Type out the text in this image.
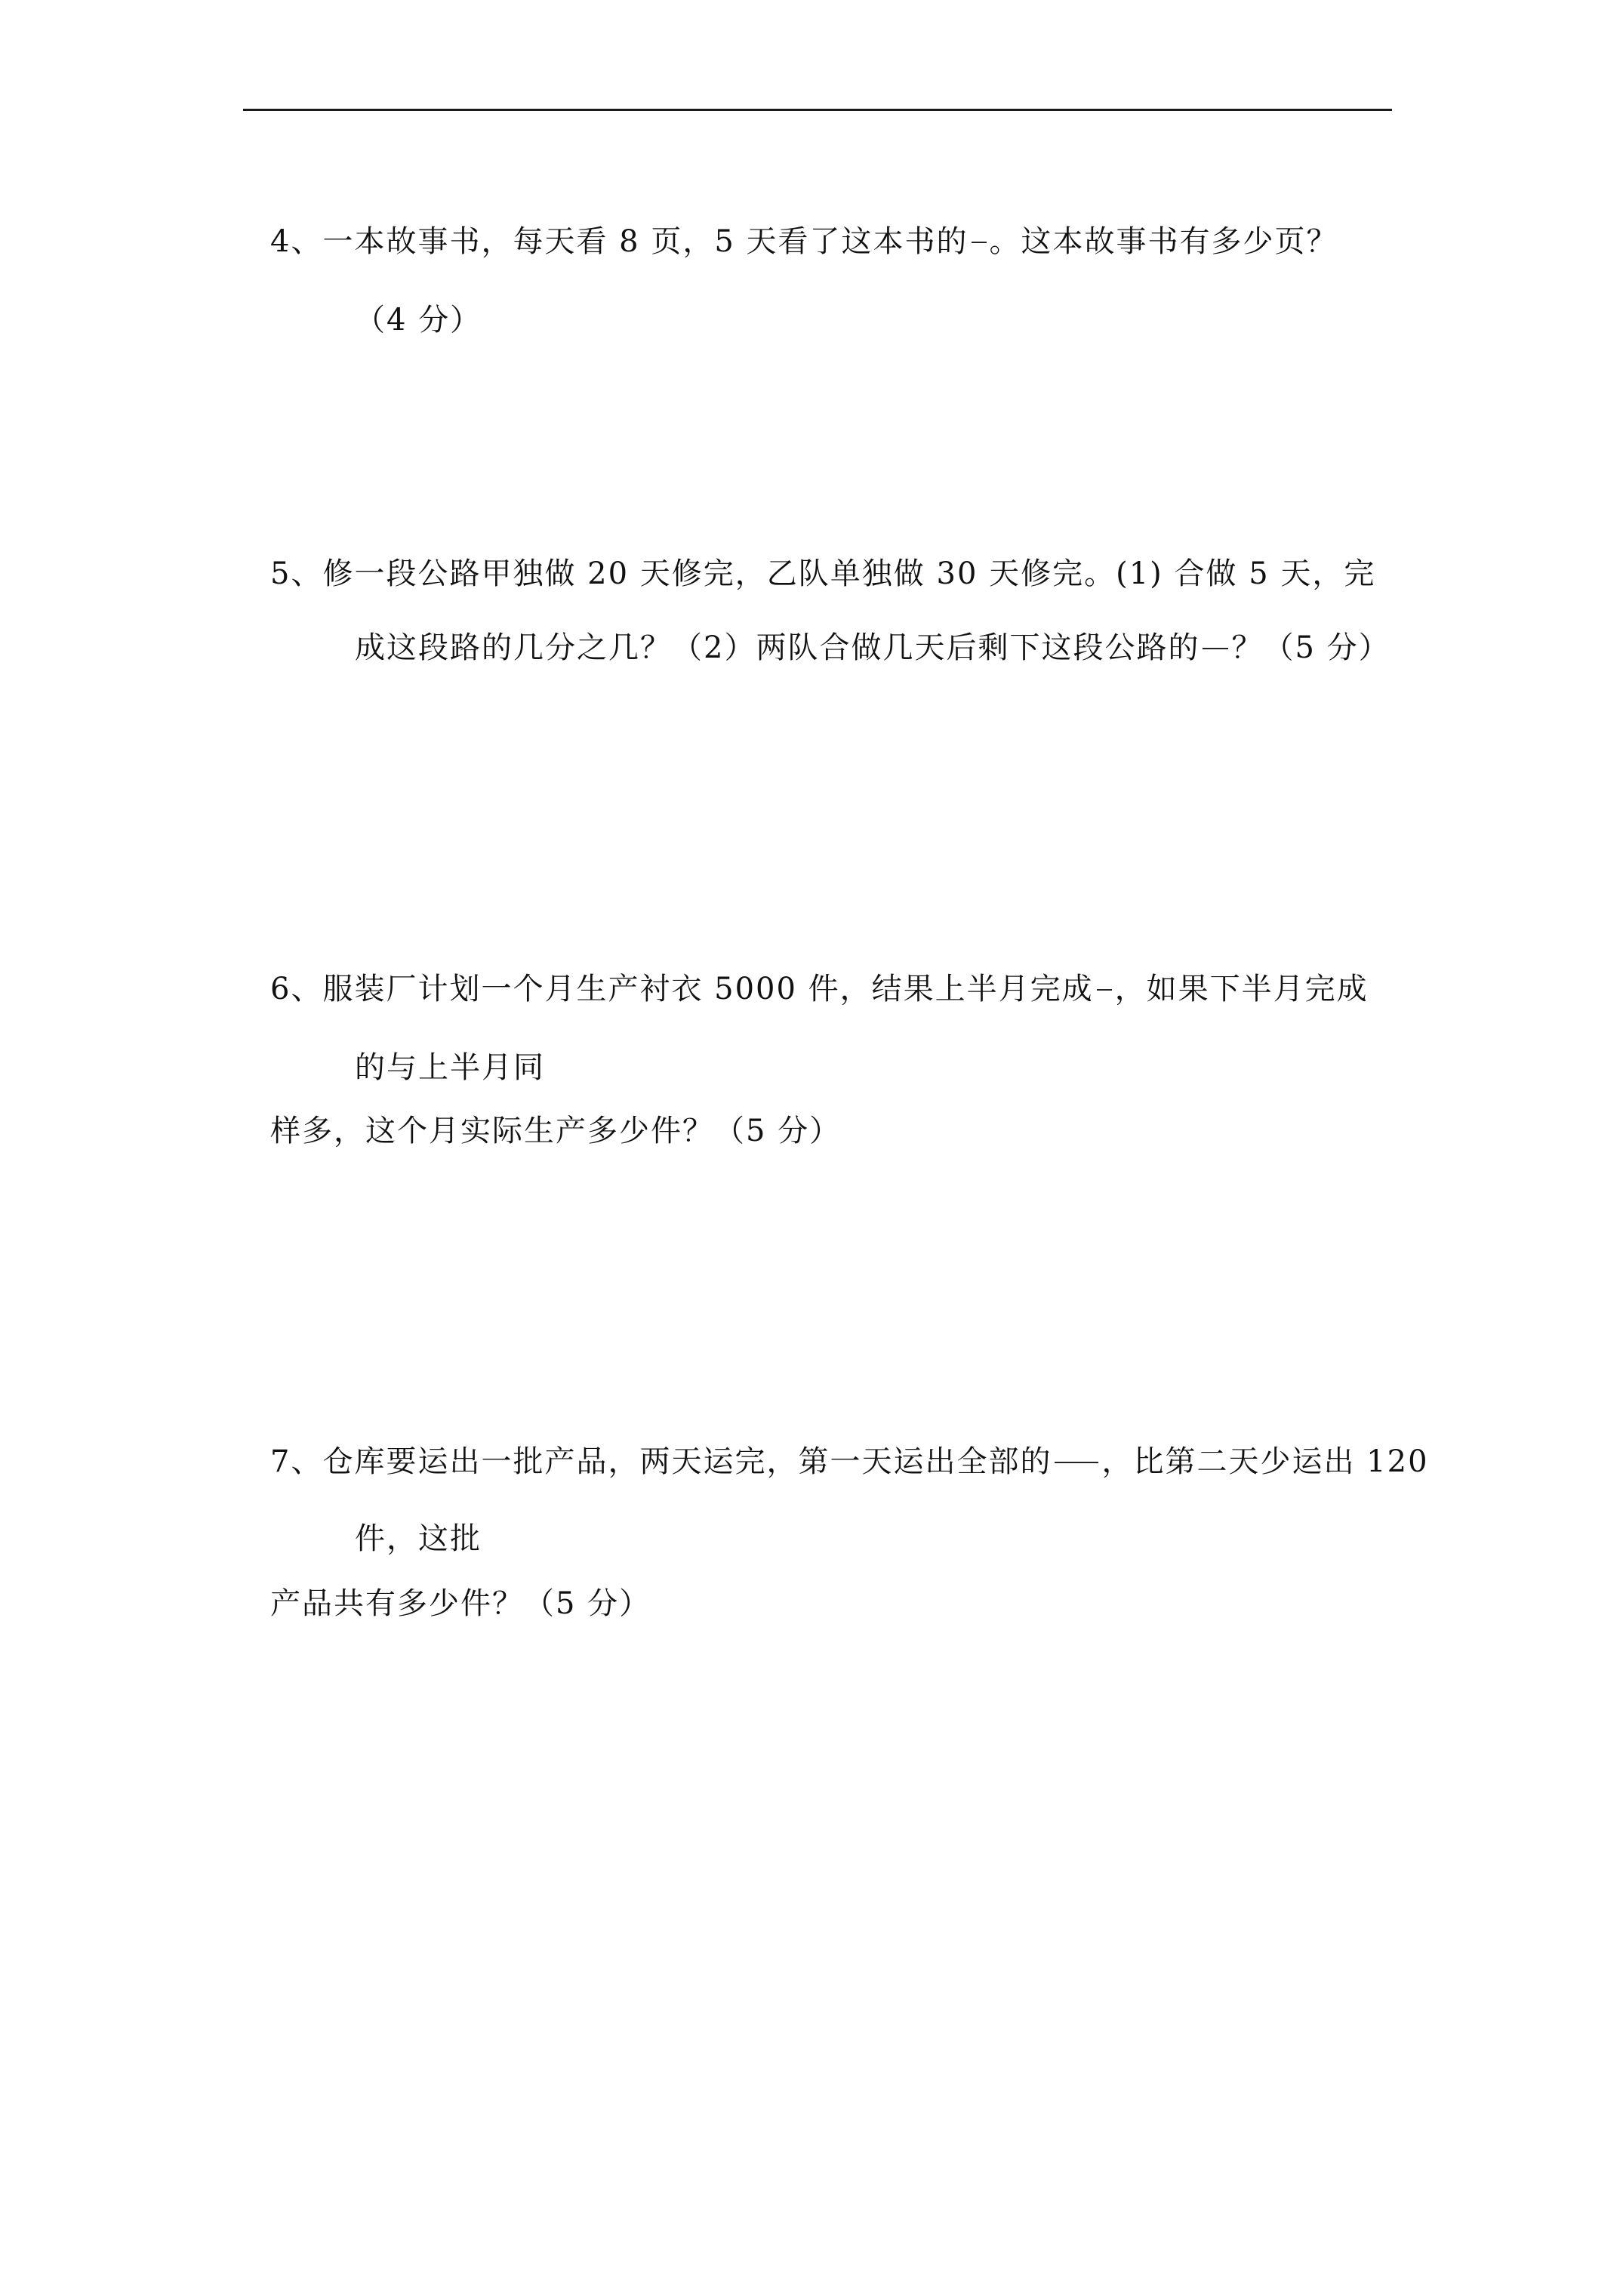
4、一本故事书，每天看 8 页，5 天看了这本书的 。这本故事书有多少页？
（4 分）
5、修一段公路甲独做 20 天修完，乙队单独做 30 天修完。(1) 合做 5 天，完
成这段路的几分之几？（2）两队合做几天后剩下这段公路的 ？（5 分）
6、服装厂计划一个月生产衬衣 5000 件，结果上半月完成 ，如果下半月完成
的与上半月同
样多，这个月实际生产多少件？（5 分）
7、仓库要运出一批产品，两天运完，第一天运出全部的 ，比第二天少运出 120
件，这批
产品共有多少件？（5 分）
